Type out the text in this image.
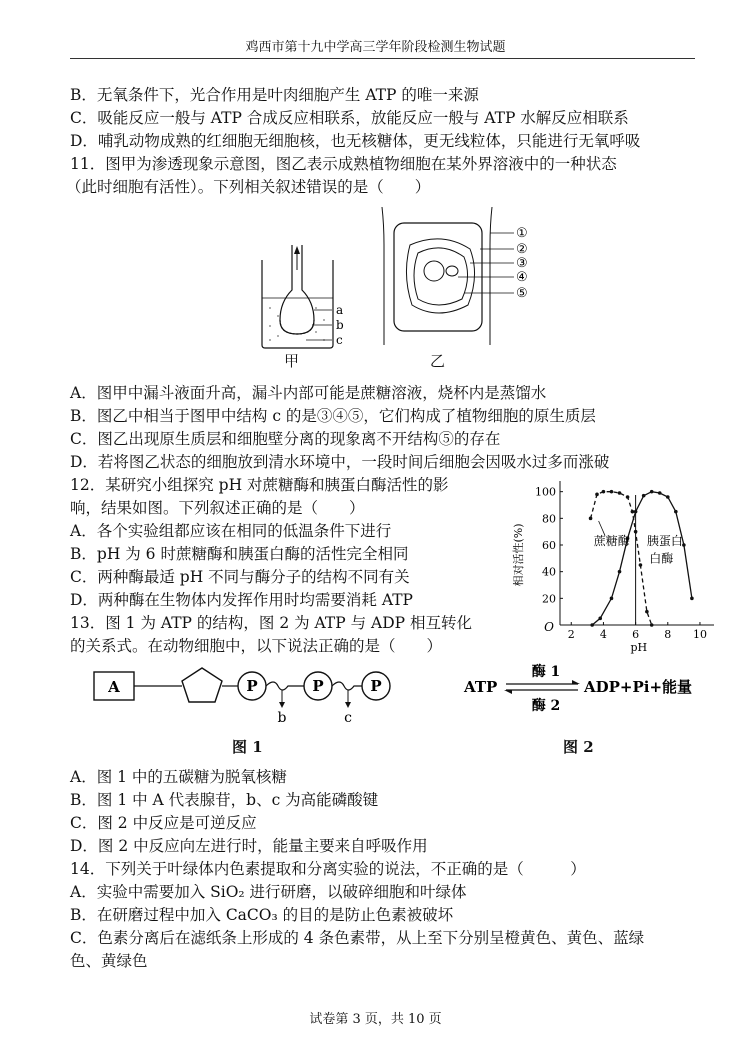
鸡西市第十九中学高三学年阶段检测生物试题
B．无氧条件下，光合作用是叶肉细胞产生 ATP 的唯一来源
C．吸能反应一般与 ATP 合成反应相联系，放能反应一般与 ATP 水解反应相联系
D．哺乳动物成熟的红细胞无细胞核，也无核糖体，更无线粒体，只能进行无氧呼吸
11．图甲为渗透现象示意图，图乙表示成熟植物细胞在某外界溶液中的一种状态
（此时细胞有活性）。下列相关叙述错误的是（　　）
a
b
c
甲
①
②
③
④
⑤
乙
A．图甲中漏斗液面升高，漏斗内部可能是蔗糖溶液，烧杯内是蒸馏水
B．图乙中相当于图甲中结构 c 的是③④⑤，它们构成了植物细胞的原生质层
C．图乙出现原生质层和细胞壁分离的现象离不开结构⑤的存在
D．若将图乙状态的细胞放到清水环境中，一段时间后细胞会因吸水过多而涨破
12．某研究小组探究 pH 对蔗糖酶和胰蛋白酶活性的影
响，结果如图。下列叙述正确的是（　　）
A．各个实验组都应该在相同的低温条件下进行
B．pH 为 6 时蔗糖酶和胰蛋白酶的活性完全相同
C．两种酶最适 pH 不同与酶分子的结构不同有关
D．两种酶在生物体内发挥作用时均需要消耗 ATP
13．图 1 为 ATP 的结构，图 2 为 ATP 与 ADP 相互转化
的关系式。在动物细胞中，以下说法正确的是（　　）
2 4 6 8 10
20
40
60
80
100
O
pH
相对活性(%)	蔗糖酶 胰蛋白
白酶
A	P	P	P
b	c
图 1
ATP
酶 1
酶 2
ADP+Pi+能量
图 2
A．图 1 中的五碳糖为脱氧核糖
B．图 1 中 A 代表腺苷，b、c 为高能磷酸键
C．图 2 中反应是可逆反应
D．图 2 中反应向左进行时，能量主要来自呼吸作用
14．下列关于叶绿体内色素提取和分离实验的说法，不正确的是（　　　）
A．实验中需要加入 SiO₂ 进行研磨，以破碎细胞和叶绿体
B．在研磨过程中加入 CaCO₃ 的目的是防止色素被破坏
C．色素分离后在滤纸条上形成的 4 条色素带，从上至下分别呈橙黄色、黄色、蓝绿
色、黄绿色
试卷第 3 页，共 10 页
